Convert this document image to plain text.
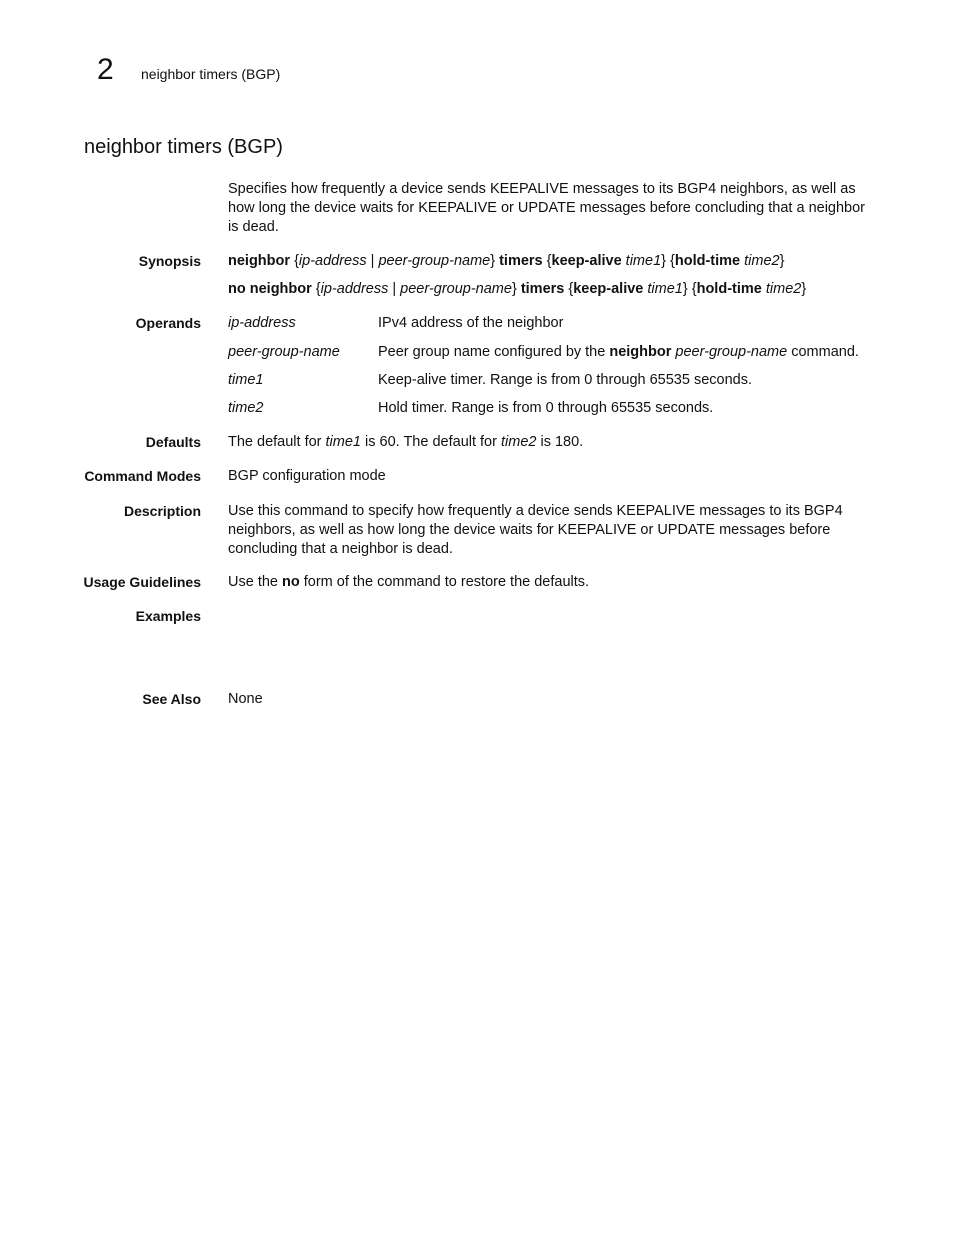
2 neighbor timers (BGP)
neighbor timers (BGP)
Specifies how frequently a device sends KEEPALIVE messages to its BGP4 neighbors, as well as how long the device waits for KEEPALIVE or UPDATE messages before concluding that a neighbor is dead.
Synopsis neighbor {ip-address | peer-group-name} timers {keep-alive time1} {hold-time time2}
no neighbor {ip-address | peer-group-name} timers {keep-alive time1} {hold-time time2}
Operands ip-address	IPv4 address of the neighbor
peer-group-name	Peer group name configured by the neighbor peer-group-name command.
time1	Keep-alive timer. Range is from 0 through 65535 seconds.
time2	Hold timer. Range is from 0 through 65535 seconds.
Defaults The default for time1 is 60. The default for time2 is 180.
Command Modes BGP configuration mode
Description Use this command to specify how frequently a device sends KEEPALIVE messages to its BGP4 neighbors, as well as how long the device waits for KEEPALIVE or UPDATE messages before concluding that a neighbor is dead.
Usage Guidelines Use the no form of the command to restore the defaults.
Examples
See Also None
